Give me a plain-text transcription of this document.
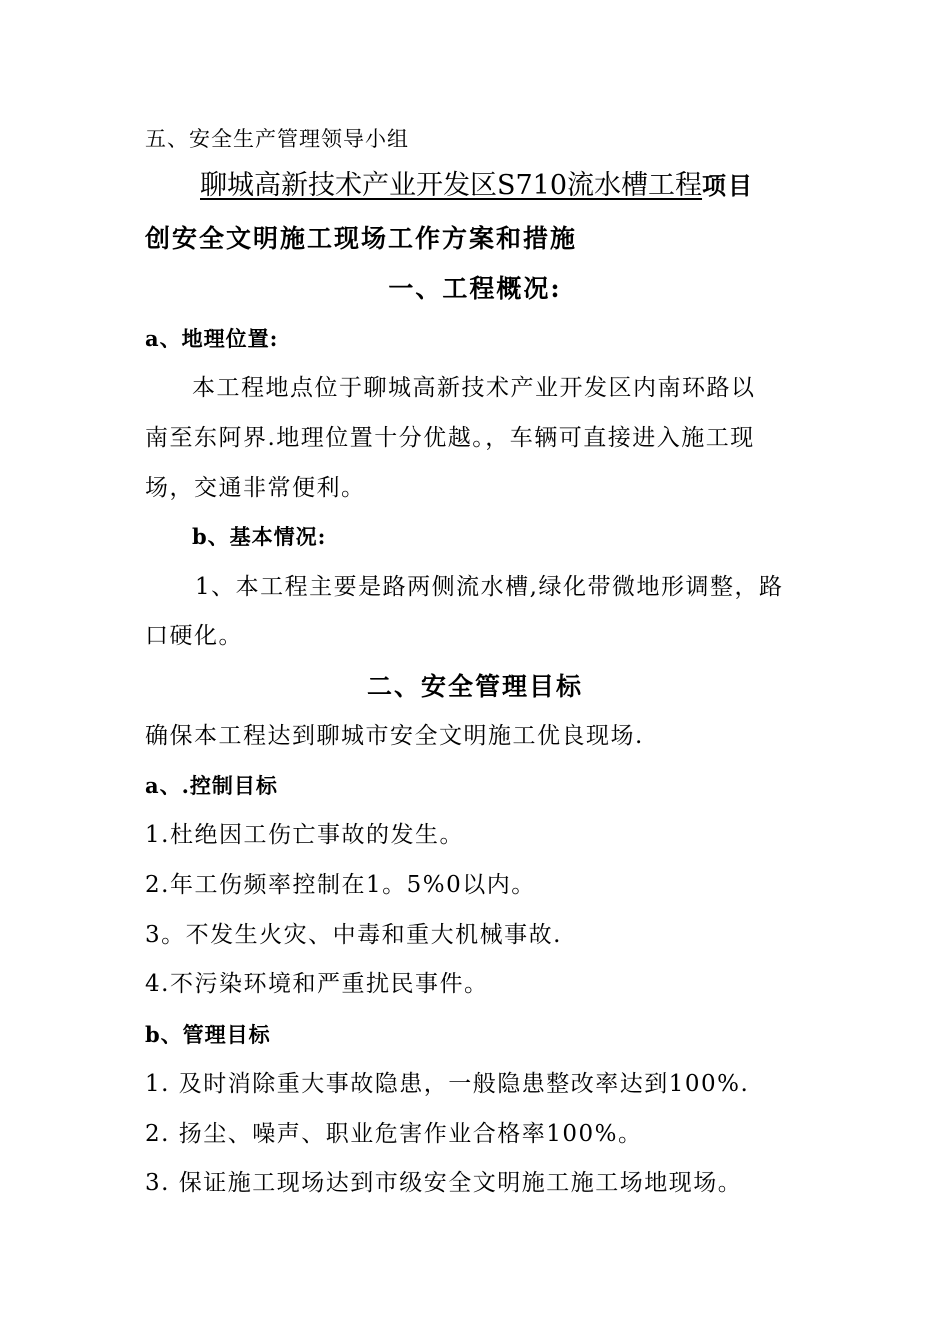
五、安全生产管理领导小组
聊城高新技术产业开发区S710流水槽工程项目
创安全文明施工现场工作方案和措施
一、工程概况:
a、地理位置:
本工程地点位于聊城高新技术产业开发区内南环路以
南至东阿界.地理位置十分优越。，车辆可直接进入施工现
场，交通非常便利。
b、基本情况:
1、本工程主要是路两侧流水槽,绿化带微地形调整，路
口硬化。
二、安全管理目标
确保本工程达到聊城市安全文明施工优良现场.
a、.控制目标
1.杜绝因工伤亡事故的发生。
2.年工伤频率控制在1。5%0以内。
3。不发生火灾、中毒和重大机械事故.
4.不污染环境和严重扰民事件。
b、管理目标
1. 及时消除重大事故隐患，一般隐患整改率达到100%.
2. 扬尘、噪声、职业危害作业合格率100%。
3. 保证施工现场达到市级安全文明施工施工场地现场。
